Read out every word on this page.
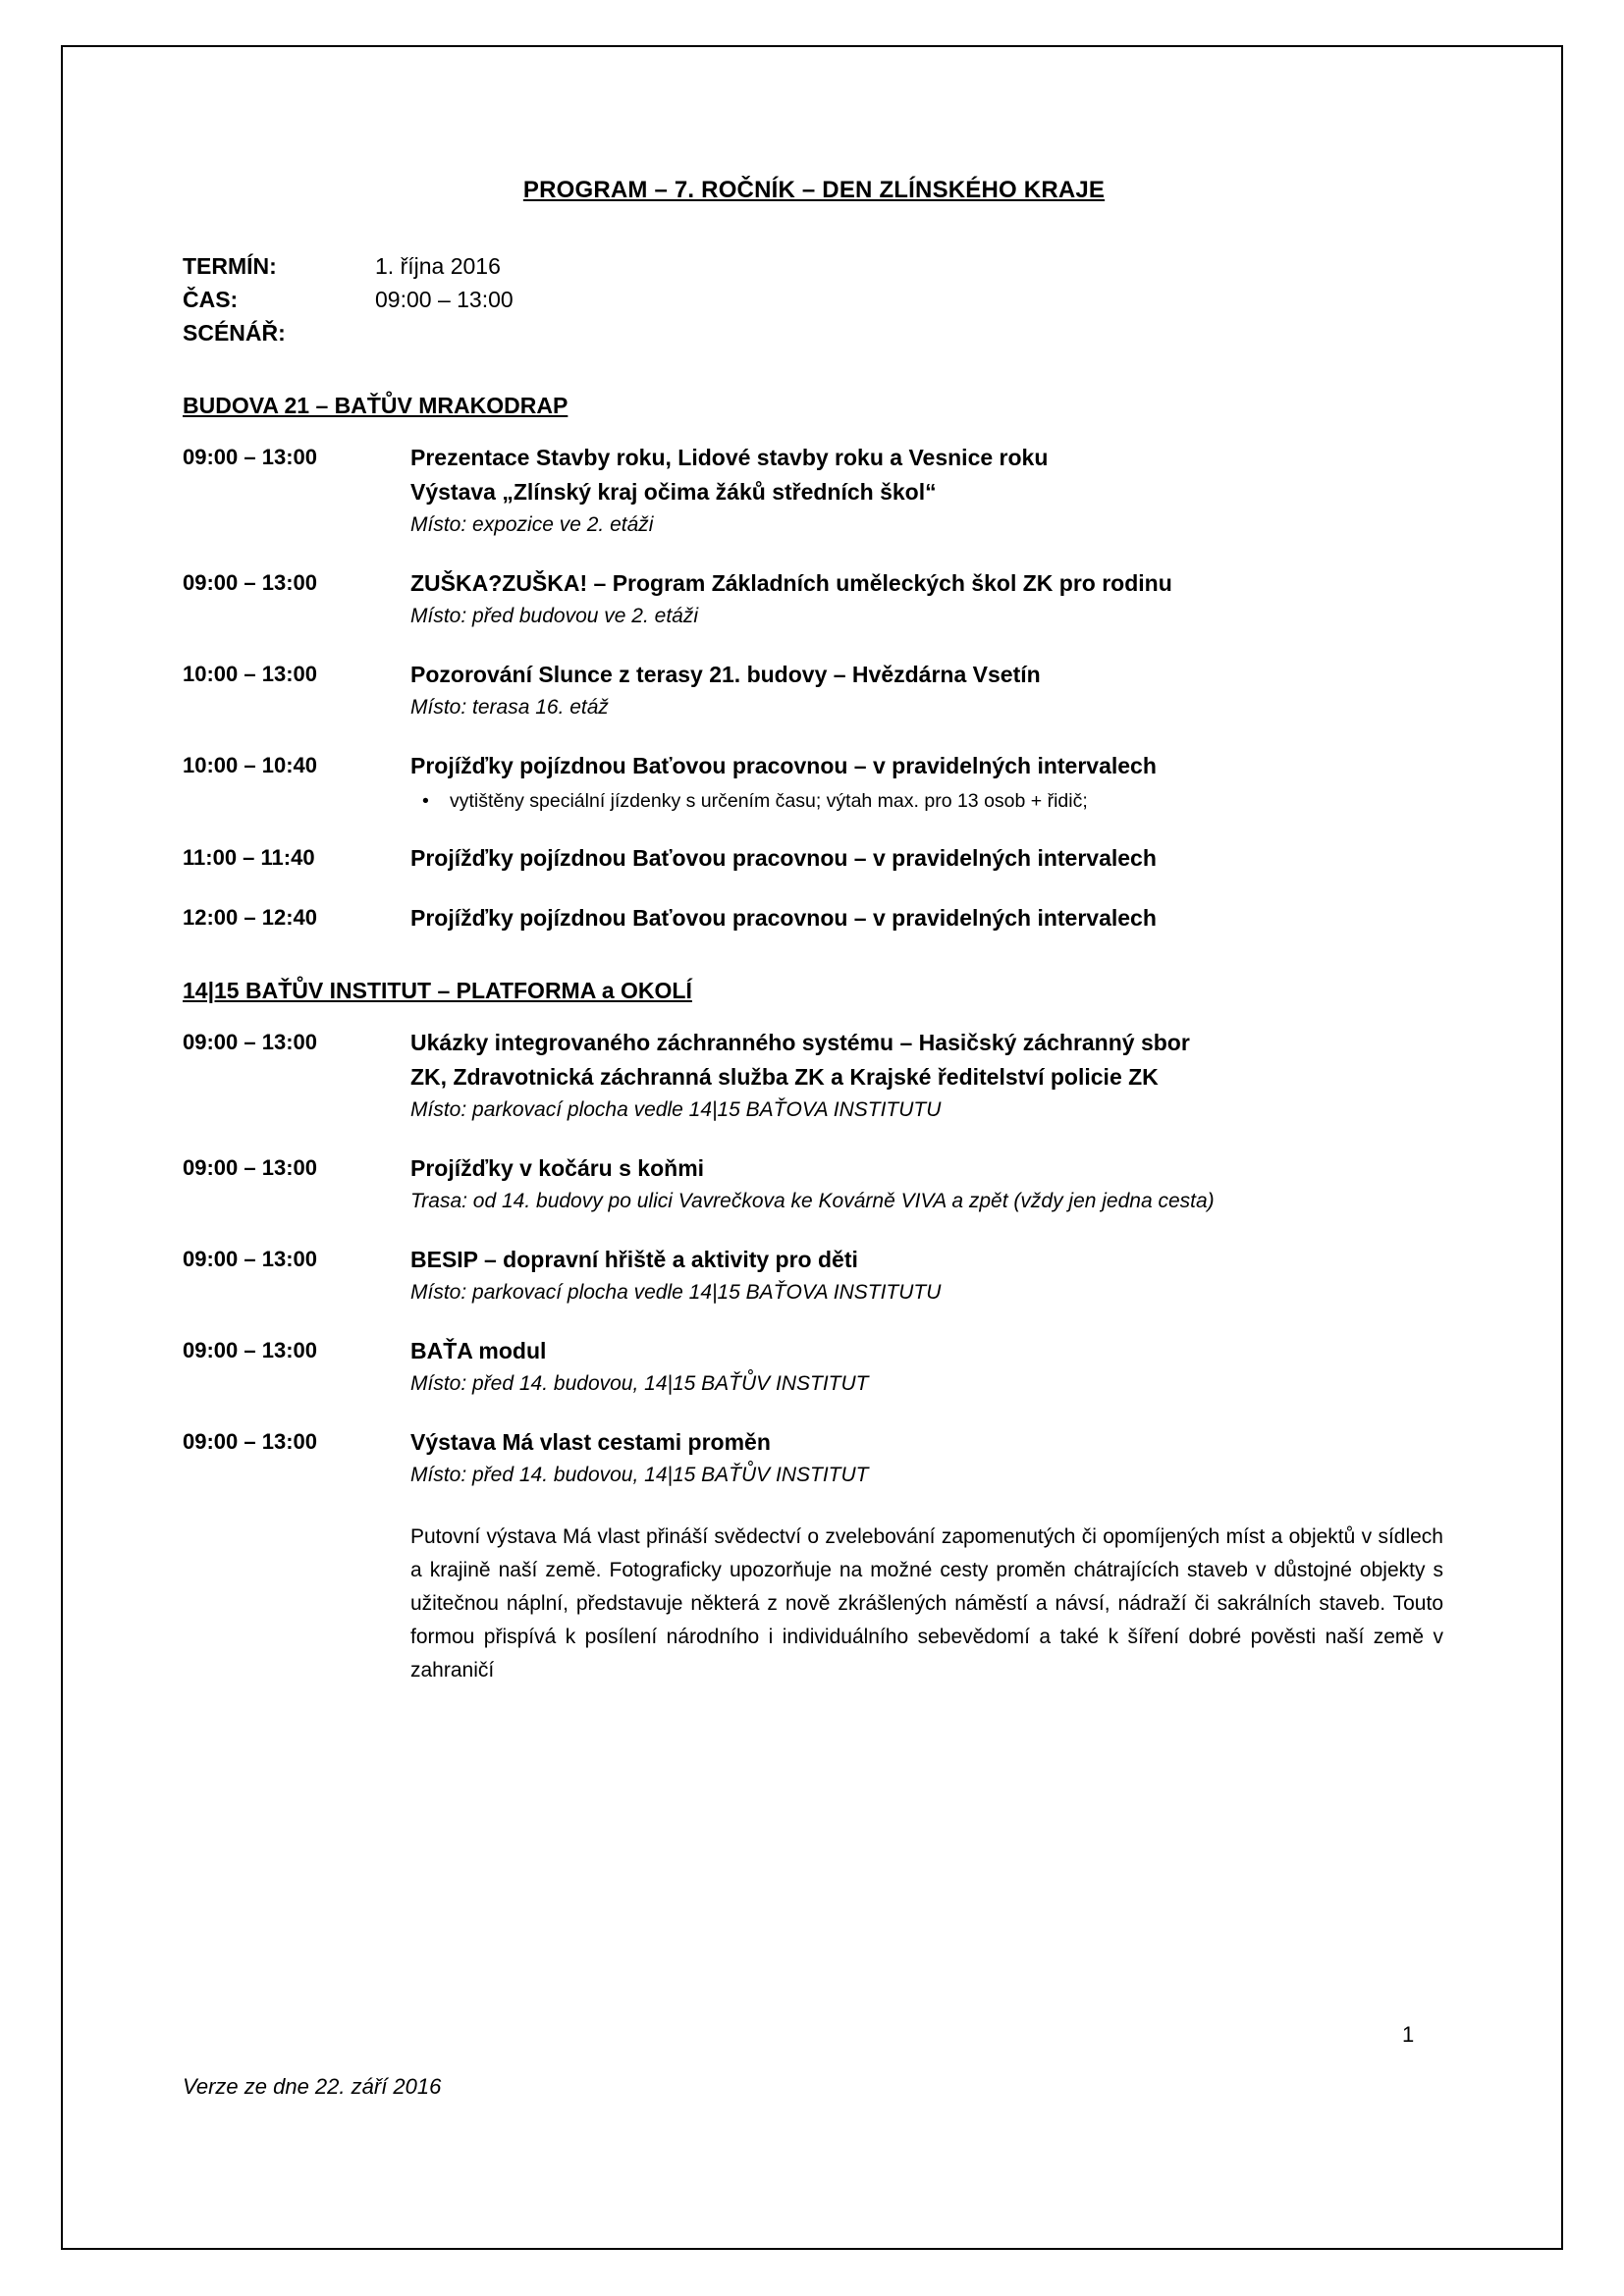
PROGRAM – 7. ROČNÍK – DEN ZLÍNSKÉHO KRAJE
TERMÍN:	1. října 2016
ČAS:	09:00 – 13:00
SCÉNÁŘ:
BUDOVA 21 – BAŤŮV MRAKODRAP
09:00 – 13:00	Prezentace Stavby roku, Lidové stavby roku a Vesnice roku
Výstava „Zlínský kraj očima žáků středních škol“
Místo: expozice ve 2. etáži
09:00 – 13:00	ZUŠKA?ZUŠKA! – Program Základních uměleckých škol ZK pro rodinu
Místo: před budovou ve 2. etáži
10:00 – 13:00	Pozorování Slunce z terasy 21. budovy – Hvězdárna Vsetín
Místo: terasa 16. etáž
10:00 – 10:40	Projížďky pojízdnou Baťovou pracovnou – v pravidelných intervalech
•	vytištěny speciální jízdenky s určením času; výtah max. pro 13 osob + řidič;
11:00 – 11:40	Projížďky pojízdnou Baťovou pracovnou – v pravidelných intervalech
12:00 – 12:40	Projížďky pojízdnou Baťovou pracovnou – v pravidelných intervalech
14|15 BAŤŮV INSTITUT – PLATFORMA a OKOLÍ
09:00 – 13:00	Ukázky integrovaného záchranného systému – Hasičský záchranný sbor
ZK, Zdravotnická záchranná služba ZK a Krajské ředitelství policie ZK
Místo: parkovací plocha vedle 14|15 BAŤOVA INSTITUTU
09:00 – 13:00	Projížďky v kočáru s koňmi
Trasa: od 14. budovy po ulici Vavrečkova ke Kovárně VIVA a zpět (vždy jen jedna cesta)
09:00 – 13:00	BESIP – dopravní hřiště a aktivity pro děti
Místo: parkovací plocha vedle 14|15 BAŤOVA INSTITUTU
09:00 – 13:00	BAŤA modul
Místo: před 14. budovou, 14|15 BAŤŮV INSTITUT
09:00 – 13:00	Výstava Má vlast cestami proměn
Místo: před 14. budovou, 14|15 BAŤŮV INSTITUT
Putovní výstava Má vlast přináší svědectví o zvelebování zapomenutých či opomíjených míst a objektů v sídlech a krajině naší země. Fotograficky upozorňuje na možné cesty proměn chátrajících staveb v důstojné objekty s užitečnou náplní, představuje některá z nově zkrášlených náměstí a návsí, nádraží či sakrálních staveb. Touto formou přispívá k posílení národního i individuálního sebevědomí a také k šíření dobré pověsti naší země v zahraničí
1
Verze ze dne 22. září 2016
